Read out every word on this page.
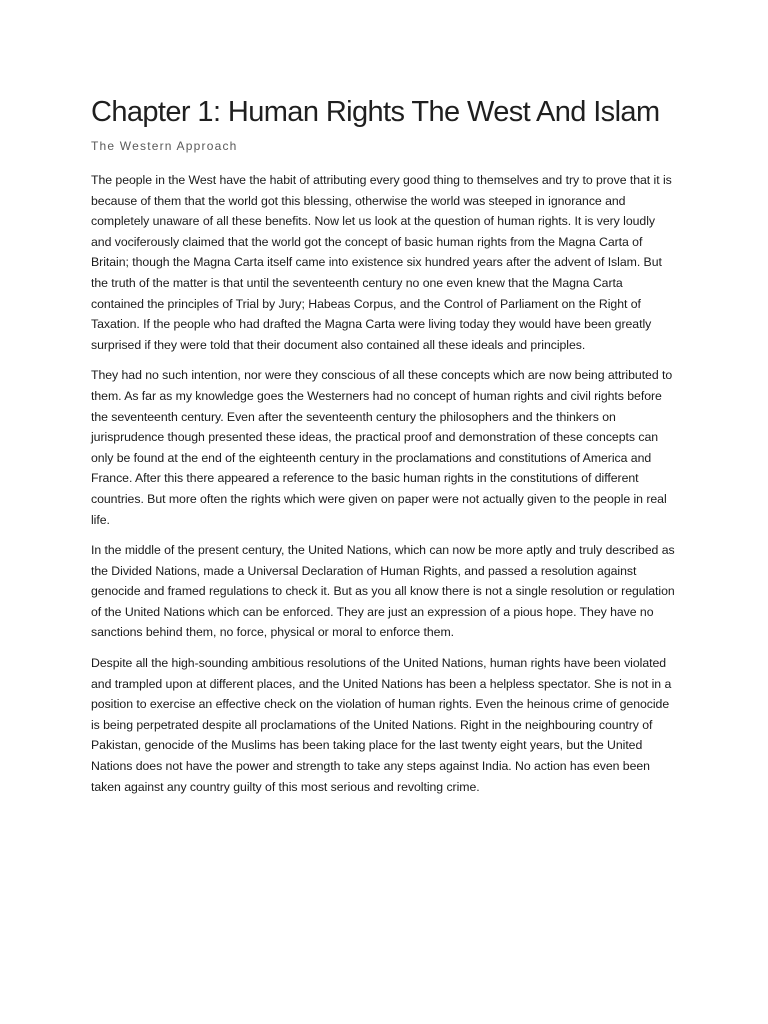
Chapter 1: Human Rights The West And Islam
The Western Approach

The people in the West have the habit of attributing every good thing to themselves and try to prove that it is because of them that the world got this blessing, otherwise the world was steeped in ignorance and completely unaware of all these benefits. Now let us look at the question of human rights. It is very loudly and vociferously claimed that the world got the concept of basic human rights from the Magna Carta of Britain; though the Magna Carta itself came into existence six hundred years after the advent of Islam. But the truth of the matter is that until the seventeenth century no one even knew that the Magna Carta contained the principles of Trial by Jury; Habeas Corpus, and the Control of Parliament on the Right of Taxation. If the people who had drafted the Magna Carta were living today they would have been greatly surprised if they were told that their document also contained all these ideals and principles.

They had no such intention, nor were they conscious of all these concepts which are now being attributed to them. As far as my knowledge goes the Westerners had no concept of human rights and civil rights before the seventeenth century. Even after the seventeenth century the philosophers and the thinkers on jurisprudence though presented these ideas, the practical proof and demonstration of these concepts can only be found at the end of the eighteenth century in the proclamations and constitutions of America and France. After this there appeared a reference to the basic human rights in the constitutions of different countries. But more often the rights which were given on paper were not actually given to the people in real life.

In the middle of the present century, the United Nations, which can now be more aptly and truly described as the Divided Nations, made a Universal Declaration of Human Rights, and passed a resolution against genocide and framed regulations to check it. But as you all know there is not a single resolution or regulation of the United Nations which can be enforced. They are just an expression of a pious hope. They have no sanctions behind them, no force, physical or moral to enforce them.

Despite all the high-sounding ambitious resolutions of the United Nations, human rights have been violated and trampled upon at different places, and the United Nations has been a helpless spectator. She is not in a position to exercise an effective check on the violation of human rights. Even the heinous crime of genocide is being perpetrated despite all proclamations of the United Nations. Right in the neighbouring country of Pakistan, genocide of the Muslims has been taking place for the last twenty eight years, but the United Nations does not have the power and strength to take any steps against India. No action has even been taken against any country guilty of this most serious and revolting crime.
